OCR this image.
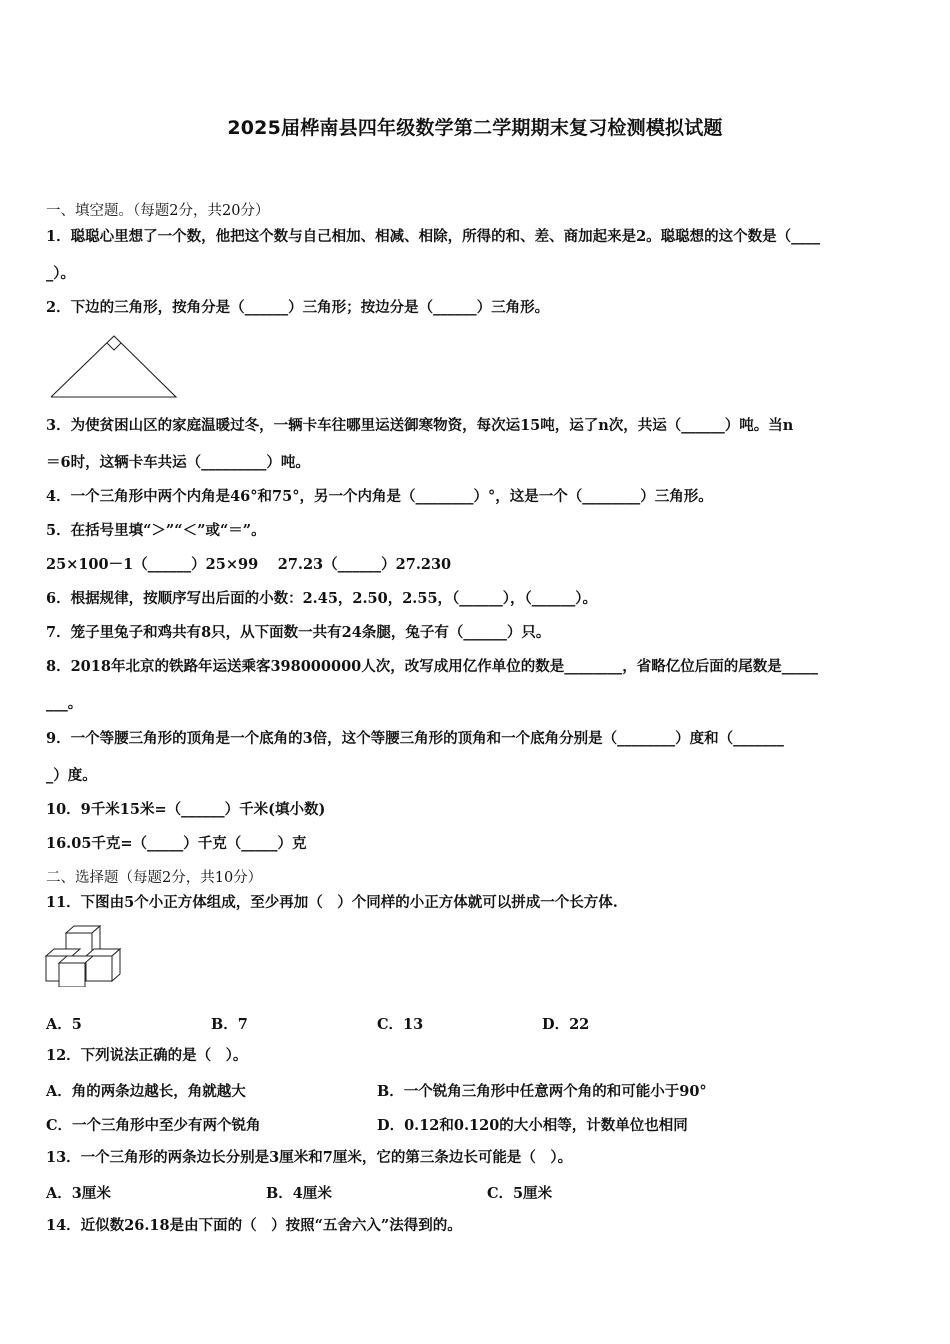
2025届桦南县四年级数学第二学期期末复习检测模拟试题
一、填空题。（每题2分，共20分）
1．聪聪心里想了一个数，他把这个数与自己相加、相减、相除，所得的和、差、商加起来是2。聪聪想的这个数是（____
_）。
2．下边的三角形，按角分是（______）三角形；按边分是（______）三角形。
3．为使贫困山区的家庭温暖过冬，一辆卡车往哪里运送御寒物资，每次运15吨，运了n次，共运（______）吨。当n
＝6时，这辆卡车共运（_________）吨。
4．一个三角形中两个内角是46°和75°，另一个内角是（________）°，这是一个（________）三角形。
5．在括号里填“＞”“＜”或“＝”。
25×100－1（______）25×99　 27.23（______）27.230
6．根据规律，按顺序写出后面的小数：2.45，2.50，2.55，（______），（______）。
7．笼子里兔子和鸡共有8只，从下面数一共有24条腿，兔子有（______）只。
8．2018年北京的铁路年运送乘客398000000人次，改写成用亿作单位的数是________，省略亿位后面的尾数是_____
___。
9．一个等腰三角形的顶角是一个底角的3倍，这个等腰三角形的顶角和一个底角分别是（________）度和（_______
_）度。
10．9千米15米=（______）千米(填小数)
16.05千克=（_____）千克（_____）克
二、选择题（每题2分，共10分）
11．下图由5个小正方体组成，至少再加（　）个同样的小正方体就可以拼成一个长方体.
A．5	B．7	C．13	D．22
12．下列说法正确的是（　）。
A．角的两条边越长，角就越大	B．一个锐角三角形中任意两个角的和可能小于90°
C．一个三角形中至少有两个锐角	D．0.12和0.120的大小相等，计数单位也相同
13．一个三角形的两条边长分别是3厘米和7厘米，它的第三条边长可能是（　）。
A．3厘米	B．4厘米	C．5厘米
14．近似数26.18是由下面的（　）按照“五舍六入”法得到的。
